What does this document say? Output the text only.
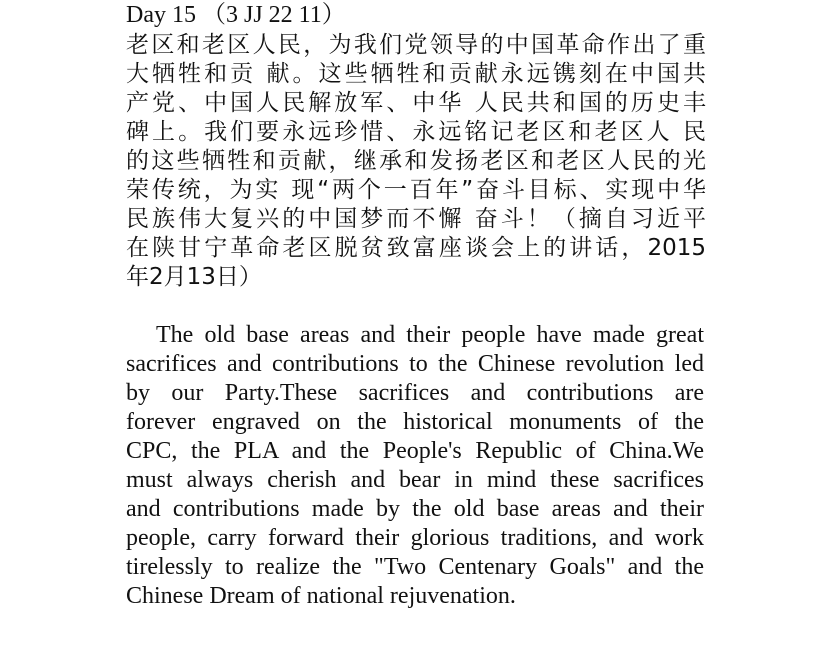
Day 15 （3 JJ 22 11）
老区和老区人民，为我们党领导的中国革命作出了重
大牺牲和贡 献。这些牺牲和贡献永远镌刻在中国共
产党、中国人民解放军、中华 人民共和国的历史丰
碑上。我们要永远珍惜、永远铭记老区和老区人 民
的这些牺牲和贡献，继承和发扬老区和老区人民的光
荣传统，为实 现“两个一百年”奋斗目标、实现中华
民族伟大复兴的中国梦而不懈 奋斗！（摘自习近平
在陕甘宁革命老区脱贫致富座谈会上的讲话，2015
年2月13日）
The old base areas and their people have made great
sacrifices and contributions to the Chinese revolution led
by our Party.These sacrifices and contributions are
forever engraved on the historical monuments of the
CPC, the PLA and the People's Republic of China.We
must always cherish and bear in mind these sacrifices
and contributions made by the old base areas and their
people, carry forward their glorious traditions, and work
tirelessly to realize the "Two Centenary Goals" and the
Chinese Dream of national rejuvenation.
